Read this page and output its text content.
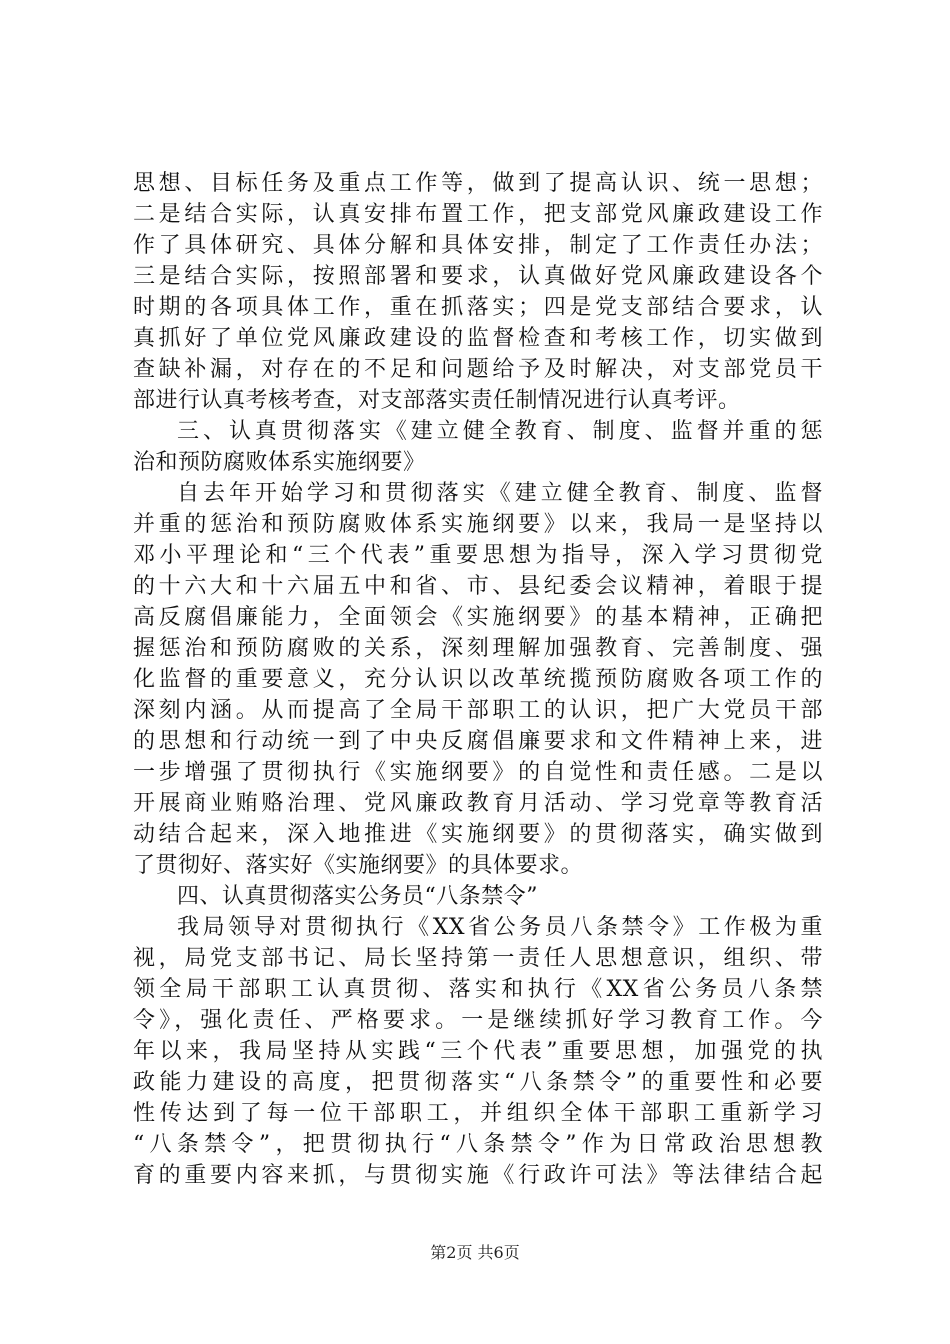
思想、目标任务及重点工作等，做到了提高认识、统一思想；
二是结合实际，认真安排布置工作，把支部党风廉政建设工作
作了具体研究、具体分解和具体安排，制定了工作责任办法；
三是结合实际，按照部署和要求，认真做好党风廉政建设各个
时期的各项具体工作，重在抓落实；四是党支部结合要求，认
真抓好了单位党风廉政建设的监督检查和考核工作，切实做到
查缺补漏，对存在的不足和问题给予及时解决，对支部党员干
部进行认真考核考查，对支部落实责任制情况进行认真考评。
三、认真贯彻落实《建立健全教育、制度、监督并重的惩
治和预防腐败体系实施纲要》
自去年开始学习和贯彻落实《建立健全教育、制度、监督
并重的惩治和预防腐败体系实施纲要》以来，我局一是坚持以
邓小平理论和“三个代表”重要思想为指导，深入学习贯彻党
的十六大和十六届五中和省、市、县纪委会议精神，着眼于提
高反腐倡廉能力，全面领会《实施纲要》的基本精神，正确把
握惩治和预防腐败的关系，深刻理解加强教育、完善制度、强
化监督的重要意义，充分认识以改革统揽预防腐败各项工作的
深刻内涵。从而提高了全局干部职工的认识，把广大党员干部
的思想和行动统一到了中央反腐倡廉要求和文件精神上来，进
一步增强了贯彻执行《实施纲要》的自觉性和责任感。二是以
开展商业贿赂治理、党风廉政教育月活动、学习党章等教育活
动结合起来，深入地推进《实施纲要》的贯彻落实，确实做到
了贯彻好、落实好《实施纲要》的具体要求。
四、认真贯彻落实公务员“八条禁令”
我局领导对贯彻执行《XX省公务员八条禁令》工作极为重
视，局党支部书记、局长坚持第一责任人思想意识，组织、带
领全局干部职工认真贯彻、落实和执行《XX省公务员八条禁
令》，强化责任、严格要求。一是继续抓好学习教育工作。今
年以来，我局坚持从实践“三个代表”重要思想，加强党的执
政能力建设的高度，把贯彻落实“八条禁令”的重要性和必要
性传达到了每一位干部职工，并组织全体干部职工重新学习
“八条禁令”，把贯彻执行“八条禁令”作为日常政治思想教
育的重要内容来抓，与贯彻实施《行政许可法》等法律结合起
第2页 共6页
